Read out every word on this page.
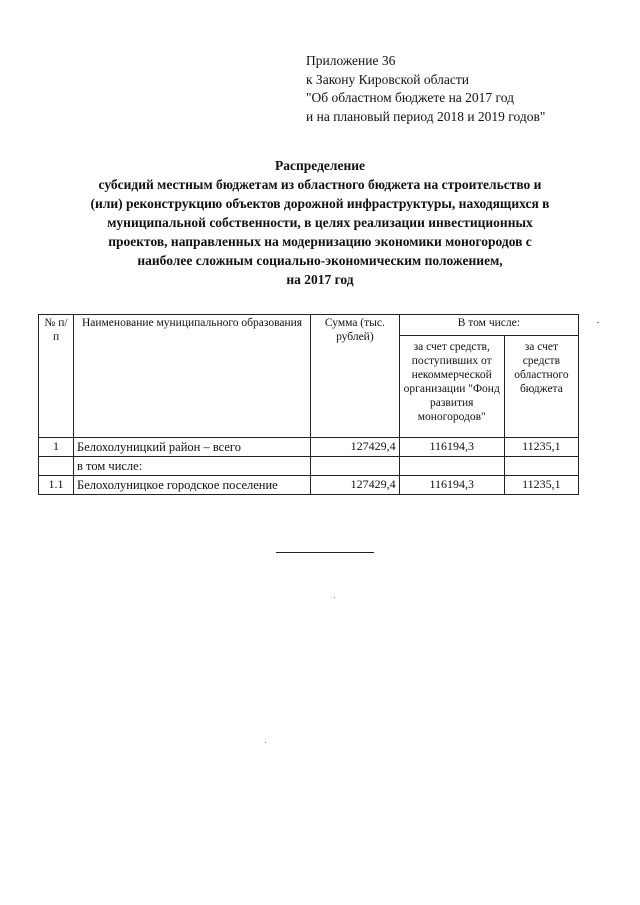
Приложение 36
к Закону Кировской области
"Об областном бюджете на 2017 год
и на плановый период 2018 и 2019 годов"
Распределение
субсидий местным бюджетам из областного бюджета на строительство и
(или) реконструкцию объектов дорожной инфраструктуры, находящихся в
муниципальной собственности, в целях реализации инвестиционных
проектов, направленных на модернизацию экономики моногородов с
наиболее сложным социально-экономическим положением,
на 2017 год
№ п/п	Наименование муниципального образования	Сумма (тыс. рублей)	В том числе:	
			за счет средств, поступивших от некоммерческой организации "Фонд развития моногородов"	за счет средств областного бюджета
1	Белохолуницкий район – всего	127429,4	116194,3	11235,1
	в том числе:			
1.1	Белохолуницкое городское поселение	127429,4	116194,3	11235,1
